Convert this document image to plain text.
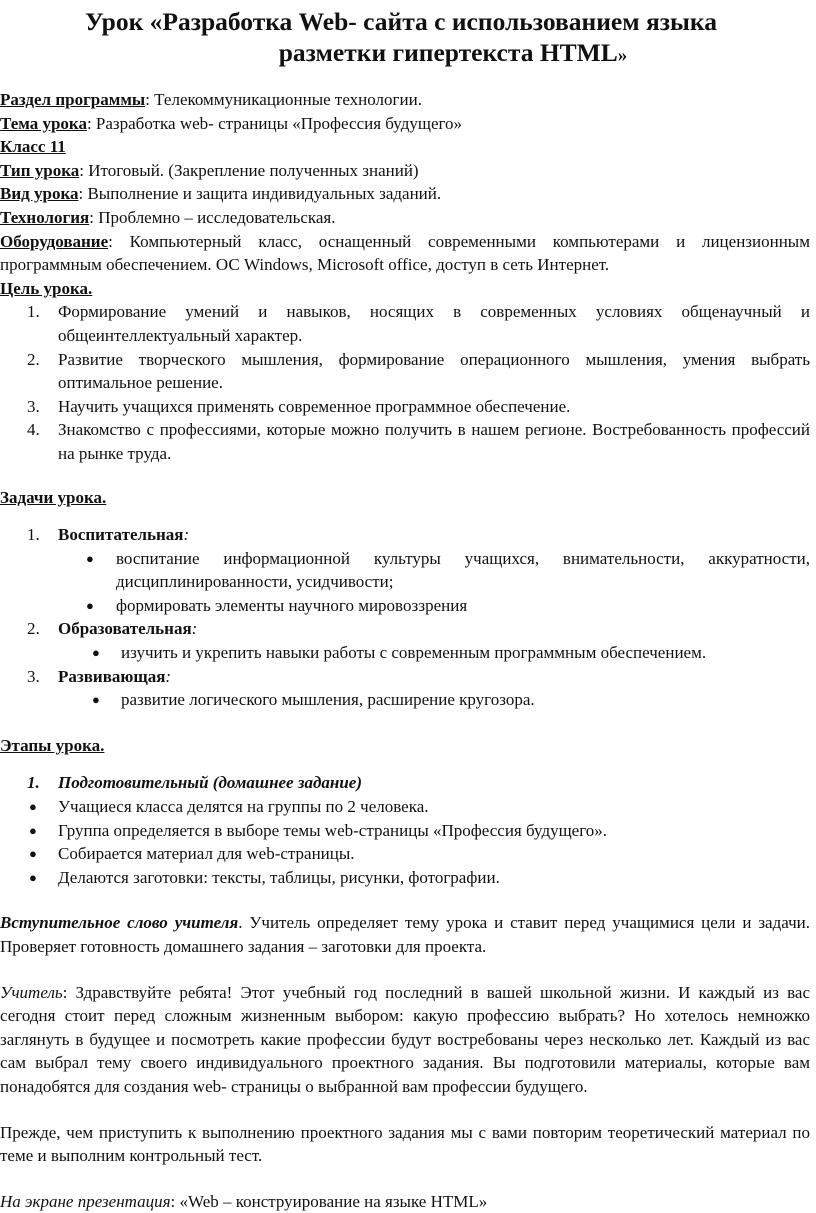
Урок «Разработка Web- сайта с использованием языка
разметки гипертекста HTML»
Раздел программы: Телекоммуникационные технологии.
Тема урока: Разработка web- страницы «Профессия будущего»
Класс 11
Тип урока: Итоговый. (Закрепление полученных знаний)
Вид урока: Выполнение и защита индивидуальных заданий.
Технология: Проблемно – исследовательская.
Оборудование: Компьютерный класс, оснащенный современными компьютерами и лицензионным программным обеспечением. ОС Windows, Microsoft office, доступ в сеть Интернет.
Цель урока.
1. Формирование умений и навыков, носящих в современных условиях общенаучный и общеинтеллектуальный характер.
2. Развитие творческого мышления, формирование операционного мышления, умения выбрать оптимальное решение.
3. Научить учащихся применять современное программное обеспечение.
4. Знакомство с профессиями, которые можно получить в нашем регионе. Востребованность профессий на рынке труда.
Задачи урока.
1. Воспитательная:
● воспитание информационной культуры учащихся, внимательности, аккуратности, дисциплинированности, усидчивости;
● формировать элементы научного мировоззрения
2. Образовательная:
● изучить и укрепить навыки работы с современным программным обеспечением.
3. Развивающая:
● развитие логического мышления, расширение кругозора.
Этапы урока.
1. Подготовительный (домашнее задание)
● Учащиеся класса делятся на группы по 2 человека.
● Группа определяется в выборе темы web-страницы «Профессия будущего».
● Собирается материал для web-страницы.
● Делаются заготовки: тексты, таблицы, рисунки, фотографии.
Вступительное слово учителя. Учитель определяет тему урока и ставит перед учащимися цели и задачи. Проверяет готовность домашнего задания – заготовки для проекта.
Учитель: Здравствуйте ребята! Этот учебный год последний в вашей школьной жизни. И каждый из вас сегодня стоит перед сложным жизненным выбором: какую профессию выбрать? Но хотелось немножко заглянуть в будущее и посмотреть какие профессии будут востребованы через несколько лет. Каждый из вас сам выбрал тему своего индивидуального проектного задания. Вы подготовили материалы, которые вам понадобятся для создания web- страницы о выбранной вам профессии будущего.
Прежде, чем приступить к выполнению проектного задания мы с вами повторим теоретический материал по теме и выполним контрольный тест.
На экране презентация: «Web – конструирование на языке HTML»
